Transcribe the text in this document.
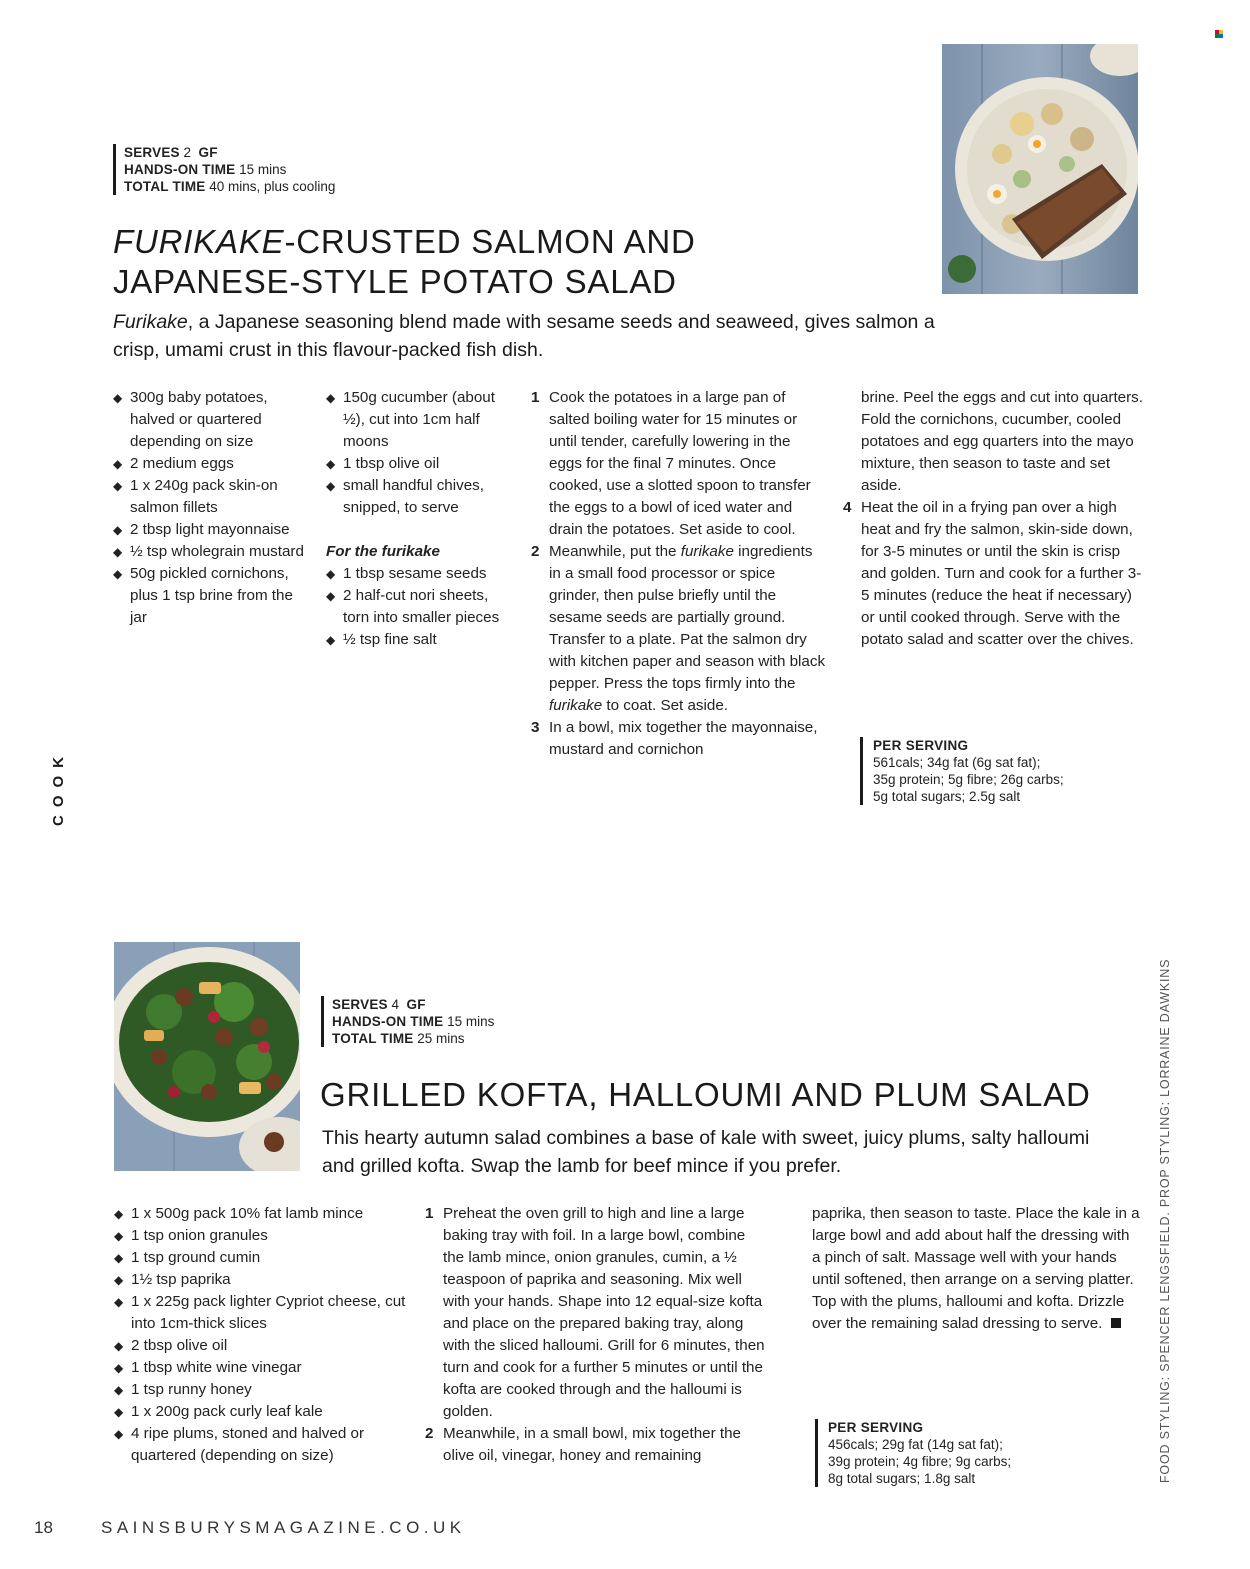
SERVES 2 GF
HANDS-ON TIME 15 mins
TOTAL TIME 40 mins, plus cooling
FURIKAKE-CRUSTED SALMON AND
JAPANESE-STYLE POTATO SALAD
Furikake, a Japanese seasoning blend made with sesame seeds and seaweed, gives salmon a crisp, umami crust in this flavour-packed fish dish.
◆ 300g baby potatoes, halved or quartered depending on size
◆ 2 medium eggs
◆ 1 x 240g pack skin-on salmon fillets
◆ 2 tbsp light mayonnaise
◆ ½ tsp wholegrain mustard
◆ 50g pickled cornichons, plus 1 tsp brine from the jar
◆ 150g cucumber (about ½), cut into 1cm half moons
◆ 1 tbsp olive oil
◆ small handful chives, snipped, to serve
For the furikake
◆ 1 tbsp sesame seeds
◆ 2 half-cut nori sheets, torn into smaller pieces
◆ ½ tsp fine salt
1 Cook the potatoes in a large pan of salted boiling water for 15 minutes or until tender, carefully lowering in the eggs for the final 7 minutes. Once cooked, use a slotted spoon to transfer the eggs to a bowl of iced water and drain the potatoes. Set aside to cool.
2 Meanwhile, put the furikake ingredients in a small food processor or spice grinder, then pulse briefly until the sesame seeds are partially ground. Transfer to a plate. Pat the salmon dry with kitchen paper and season with black pepper. Press the tops firmly into the furikake to coat. Set aside.
3 In a bowl, mix together the mayonnaise, mustard and cornichon

brine. Peel the eggs and cut into quarters. Fold the cornichons, cucumber, cooled potatoes and egg quarters into the mayo mixture, then season to taste and set aside.

4 Heat the oil in a frying pan over a high heat and fry the salmon, skin-side down, for 3-5 minutes or until the skin is crisp and golden. Turn and cook for a further 3-5 minutes (reduce the heat if necessary) or until cooked through. Serve with the potato salad and scatter over the chives.
PER SERVING
561cals; 34g fat (6g sat fat);
35g protein; 5g fibre; 26g carbs;
5g total sugars; 2.5g salt
COOK
SERVES 4 GF
HANDS-ON TIME 15 mins
TOTAL TIME 25 mins
GRILLED KOFTA, HALLOUMI AND PLUM SALAD
This hearty autumn salad combines a base of kale with sweet, juicy plums, salty halloumi and grilled kofta. Swap the lamb for beef mince if you prefer.
◆ 1 x 500g pack 10% fat lamb mince
◆ 1 tsp onion granules
◆ 1 tsp ground cumin
◆ 1½ tsp paprika
◆ 1 x 225g pack lighter Cypriot cheese, cut into 1cm-thick slices
◆ 2 tbsp olive oil
◆ 1 tbsp white wine vinegar
◆ 1 tsp runny honey
◆ 1 x 200g pack curly leaf kale
◆ 4 ripe plums, stoned and halved or quartered (depending on size)
1 Preheat the oven grill to high and line a large baking tray with foil. In a large bowl, combine the lamb mince, onion granules, cumin, a ½ teaspoon of paprika and seasoning. Mix well with your hands. Shape into 12 equal-size kofta and place on the prepared baking tray, along with the sliced halloumi. Grill for 6 minutes, then turn and cook for a further 5 minutes or until the kofta are cooked through and the halloumi is golden.
2 Meanwhile, in a small bowl, mix together the olive oil, vinegar, honey and remaining

paprika, then season to taste. Place the kale in a large bowl and add about half the dressing with a pinch of salt. Massage well with your hands until softened, then arrange on a serving platter. Top with the plums, halloumi and kofta. Drizzle over the remaining salad dressing to serve.

PER SERVING
456cals; 29g fat (14g sat fat);
39g protein; 4g fibre; 9g carbs;
8g total sugars; 1.8g salt	FOOD STYLING: SPENCER LENGSFIELD. PROP STYLING: LORRAINE DAWKINS
18	SAINSBURYSMAGAZINE.CO.UK
